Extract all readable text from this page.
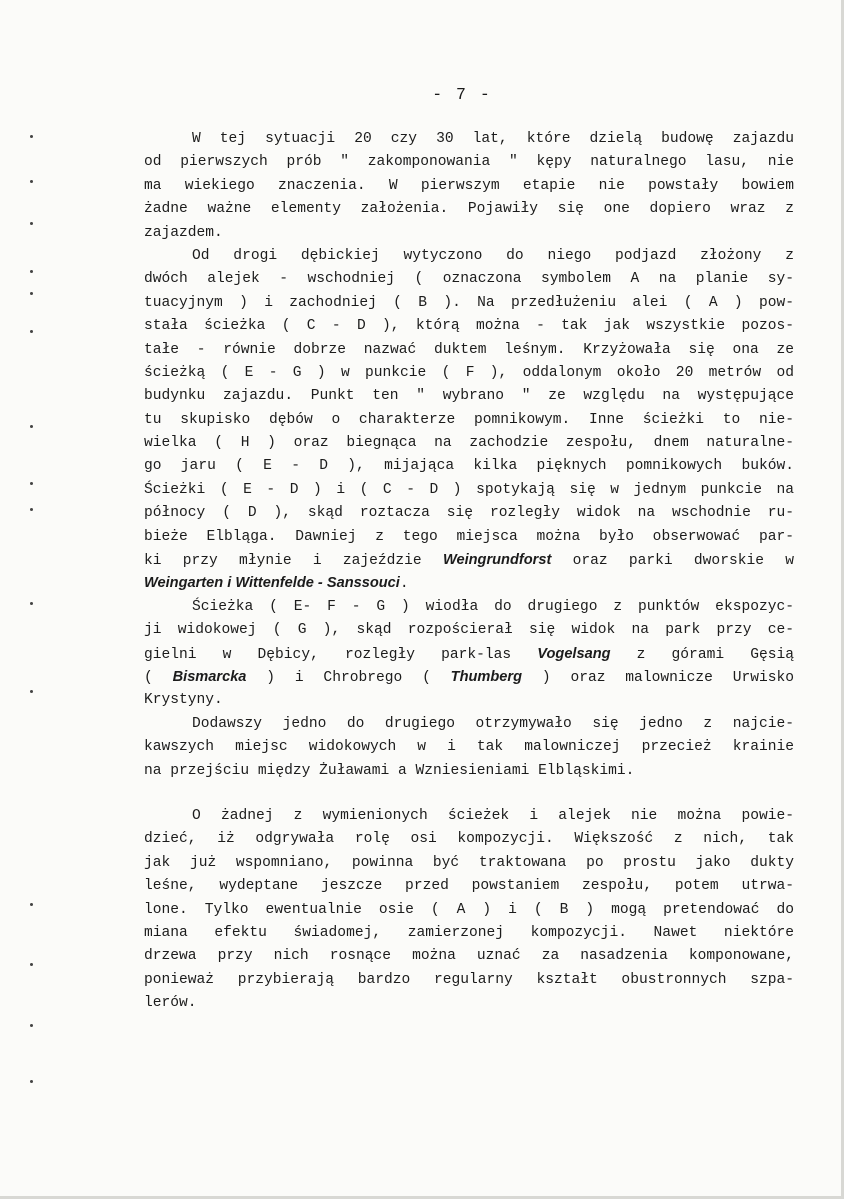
- 7 -
W tej sytuacji 20 czy 30 lat, które dzielą budowę zajazdu
od pierwszych prób " zakomponowania " kępy naturalnego lasu, nie
ma wiekiego znaczenia. W pierwszym etapie nie powstały bowiem
żadne ważne elementy założenia. Pojawiły się one dopiero wraz z
zajazdem.
Od drogi dębickiej wytyczono do niego podjazd złożony z
dwóch alejek - wschodniej ( oznaczona symbolem A na planie sy-
tuacyjnym ) i zachodniej ( B ). Na przedłużeniu alei ( A ) pow-
stała ścieżka ( C - D ), którą można - tak jak wszystkie pozos-
tałe - równie dobrze nazwać duktem leśnym. Krzyżowała się ona ze
ścieżką ( E - G ) w punkcie ( F ), oddalonym około 20 metrów od
budynku zajazdu. Punkt ten " wybrano " ze względu na występujące
tu skupisko dębów o charakterze pomnikowym. Inne ścieżki to nie-
wielka ( H ) oraz biegnąca na zachodzie zespołu, dnem naturalne-
go jaru ( E - D ), mijająca kilka pięknych pomnikowych buków.
Ścieżki ( E - D ) i ( C - D ) spotykają się w jednym punkcie na
północy ( D ), skąd roztacza się rozległy widok na wschodnie ru-
bieże Elbląga. Dawniej z tego miejsca można było obserwować par-
ki przy młynie i zajeździe Weingrundforst oraz parki dworskie w
Weingarten i Wittenfelde - Sanssouci.
Ścieżka ( E- F - G ) wiodła do drugiego z punktów ekspozyc-
ji widokowej ( G ), skąd rozpościerał się widok na park przy ce-
gielni w Dębicy, rozległy park-las Vogelsang z górami Gęsią
( Bismarcka ) i Chrobrego ( Thumberg ) oraz malownicze Urwisko
Krystyny.
Dodawszy jedno do drugiego otrzymywało się jedno z najcie-
kawszych miejsc widokowych w i tak malowniczej przecież krainie
na przejściu między Żuławami a Wzniesieniami Elbląskimi.
O żadnej z wymienionych ścieżek i alejek nie można powie-
dzieć, iż odgrywała rolę osi kompozycji. Większość z nich, tak
jak już wspomniano, powinna być traktowana po prostu jako dukty
leśne, wydeptane jeszcze przed powstaniem zespołu, potem utrwa-
lone. Tylko ewentualnie osie ( A ) i ( B ) mogą pretendować do
miana efektu świadomej, zamierzonej kompozycji. Nawet niektóre
drzewa przy nich rosnące można uznać za nasadzenia komponowane,
ponieważ przybierają bardzo regularny kształt obustronnych szpa-
lerów.
